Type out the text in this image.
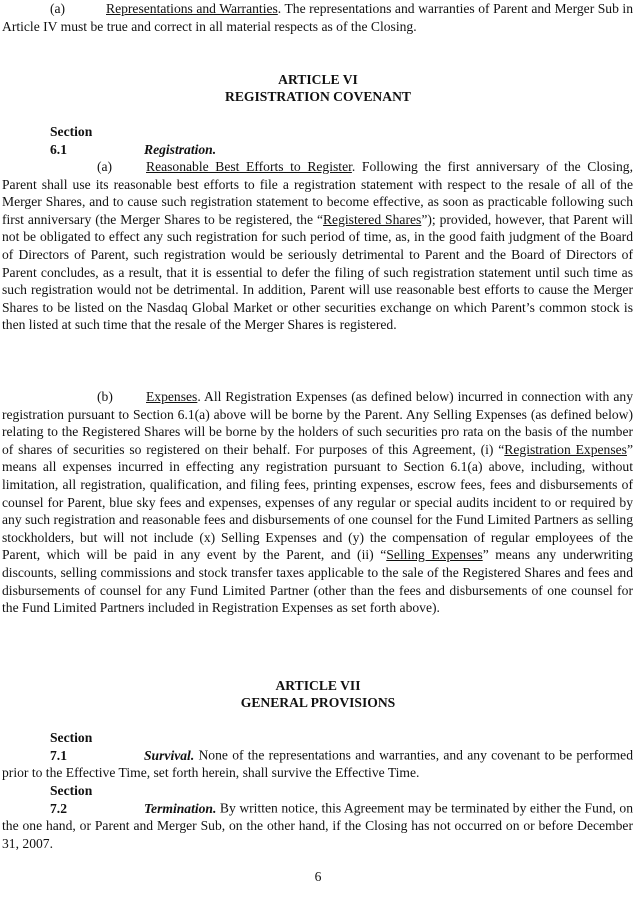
(a)	Representations and Warranties. The representations and warranties of Parent and Merger Sub in Article IV must be true and correct in all material respects as of the Closing.

ARTICLE VI

REGISTRATION COVENANT

Section 6.1	Registration.

(a) Reasonable Best Efforts to Register. Following the first anniversary of the Closing, Parent shall use its reasonable best efforts to file a registration statement with respect to the resale of all of the Merger Shares, and to cause such registration statement to become effective, as soon as practicable following such first anniversary (the Merger Shares to be registered, the “Registered Shares”); provided, however, that Parent will not be obligated to effect any such registration for such period of time, as, in the good faith judgment of the Board of Directors of Parent, such registration would be seriously detrimental to Parent and the Board of Directors of Parent concludes, as a result, that it is essential to defer the filing of such registration statement until such time as such registration would not be detrimental. In addition, Parent will use reasonable best efforts to cause the Merger Shares to be listed on the Nasdaq Global Market or other securities exchange on which Parent’s common stock is then listed at such time that the resale of the Merger Shares is registered.

(b) Expenses. All Registration Expenses (as defined below) incurred in connection with any registration pursuant to Section 6.1(a) above will be borne by the Parent. Any Selling Expenses (as defined below) relating to the Registered Shares will be borne by the holders of such securities pro rata on the basis of the number of shares of securities so registered on their behalf. For purposes of this Agreement, (i) “Registration Expenses” means all expenses incurred in effecting any registration pursuant to Section 6.1(a) above, including, without limitation, all registration, qualification, and filing fees, printing expenses, escrow fees, fees and disbursements of counsel for Parent, blue sky fees and expenses, expenses of any regular or special audits incident to or required by any such registration and reasonable fees and disbursements of one counsel for the Fund Limited Partners as selling stockholders, but will not include (x) Selling Expenses and (y) the compensation of regular employees of the Parent, which will be paid in any event by the Parent, and (ii) “Selling Expenses” means any underwriting discounts, selling commissions and stock transfer taxes applicable to the sale of the Registered Shares and fees and disbursements of counsel for any Fund Limited Partner (other than the fees and disbursements of one counsel for the Fund Limited Partners included in Registration Expenses as set forth above).

ARTICLE VII

GENERAL PROVISIONS

Section 7.1	Survival. None of the representations and warranties, and any covenant to be performed prior to the Effective Time, set forth herein, shall survive the Effective Time.

Section 7.2	Termination. By written notice, this Agreement may be terminated by either the Fund, on the one hand, or Parent and Merger Sub, on the other hand, if the Closing has not occurred on or before December 31, 2007.

6
